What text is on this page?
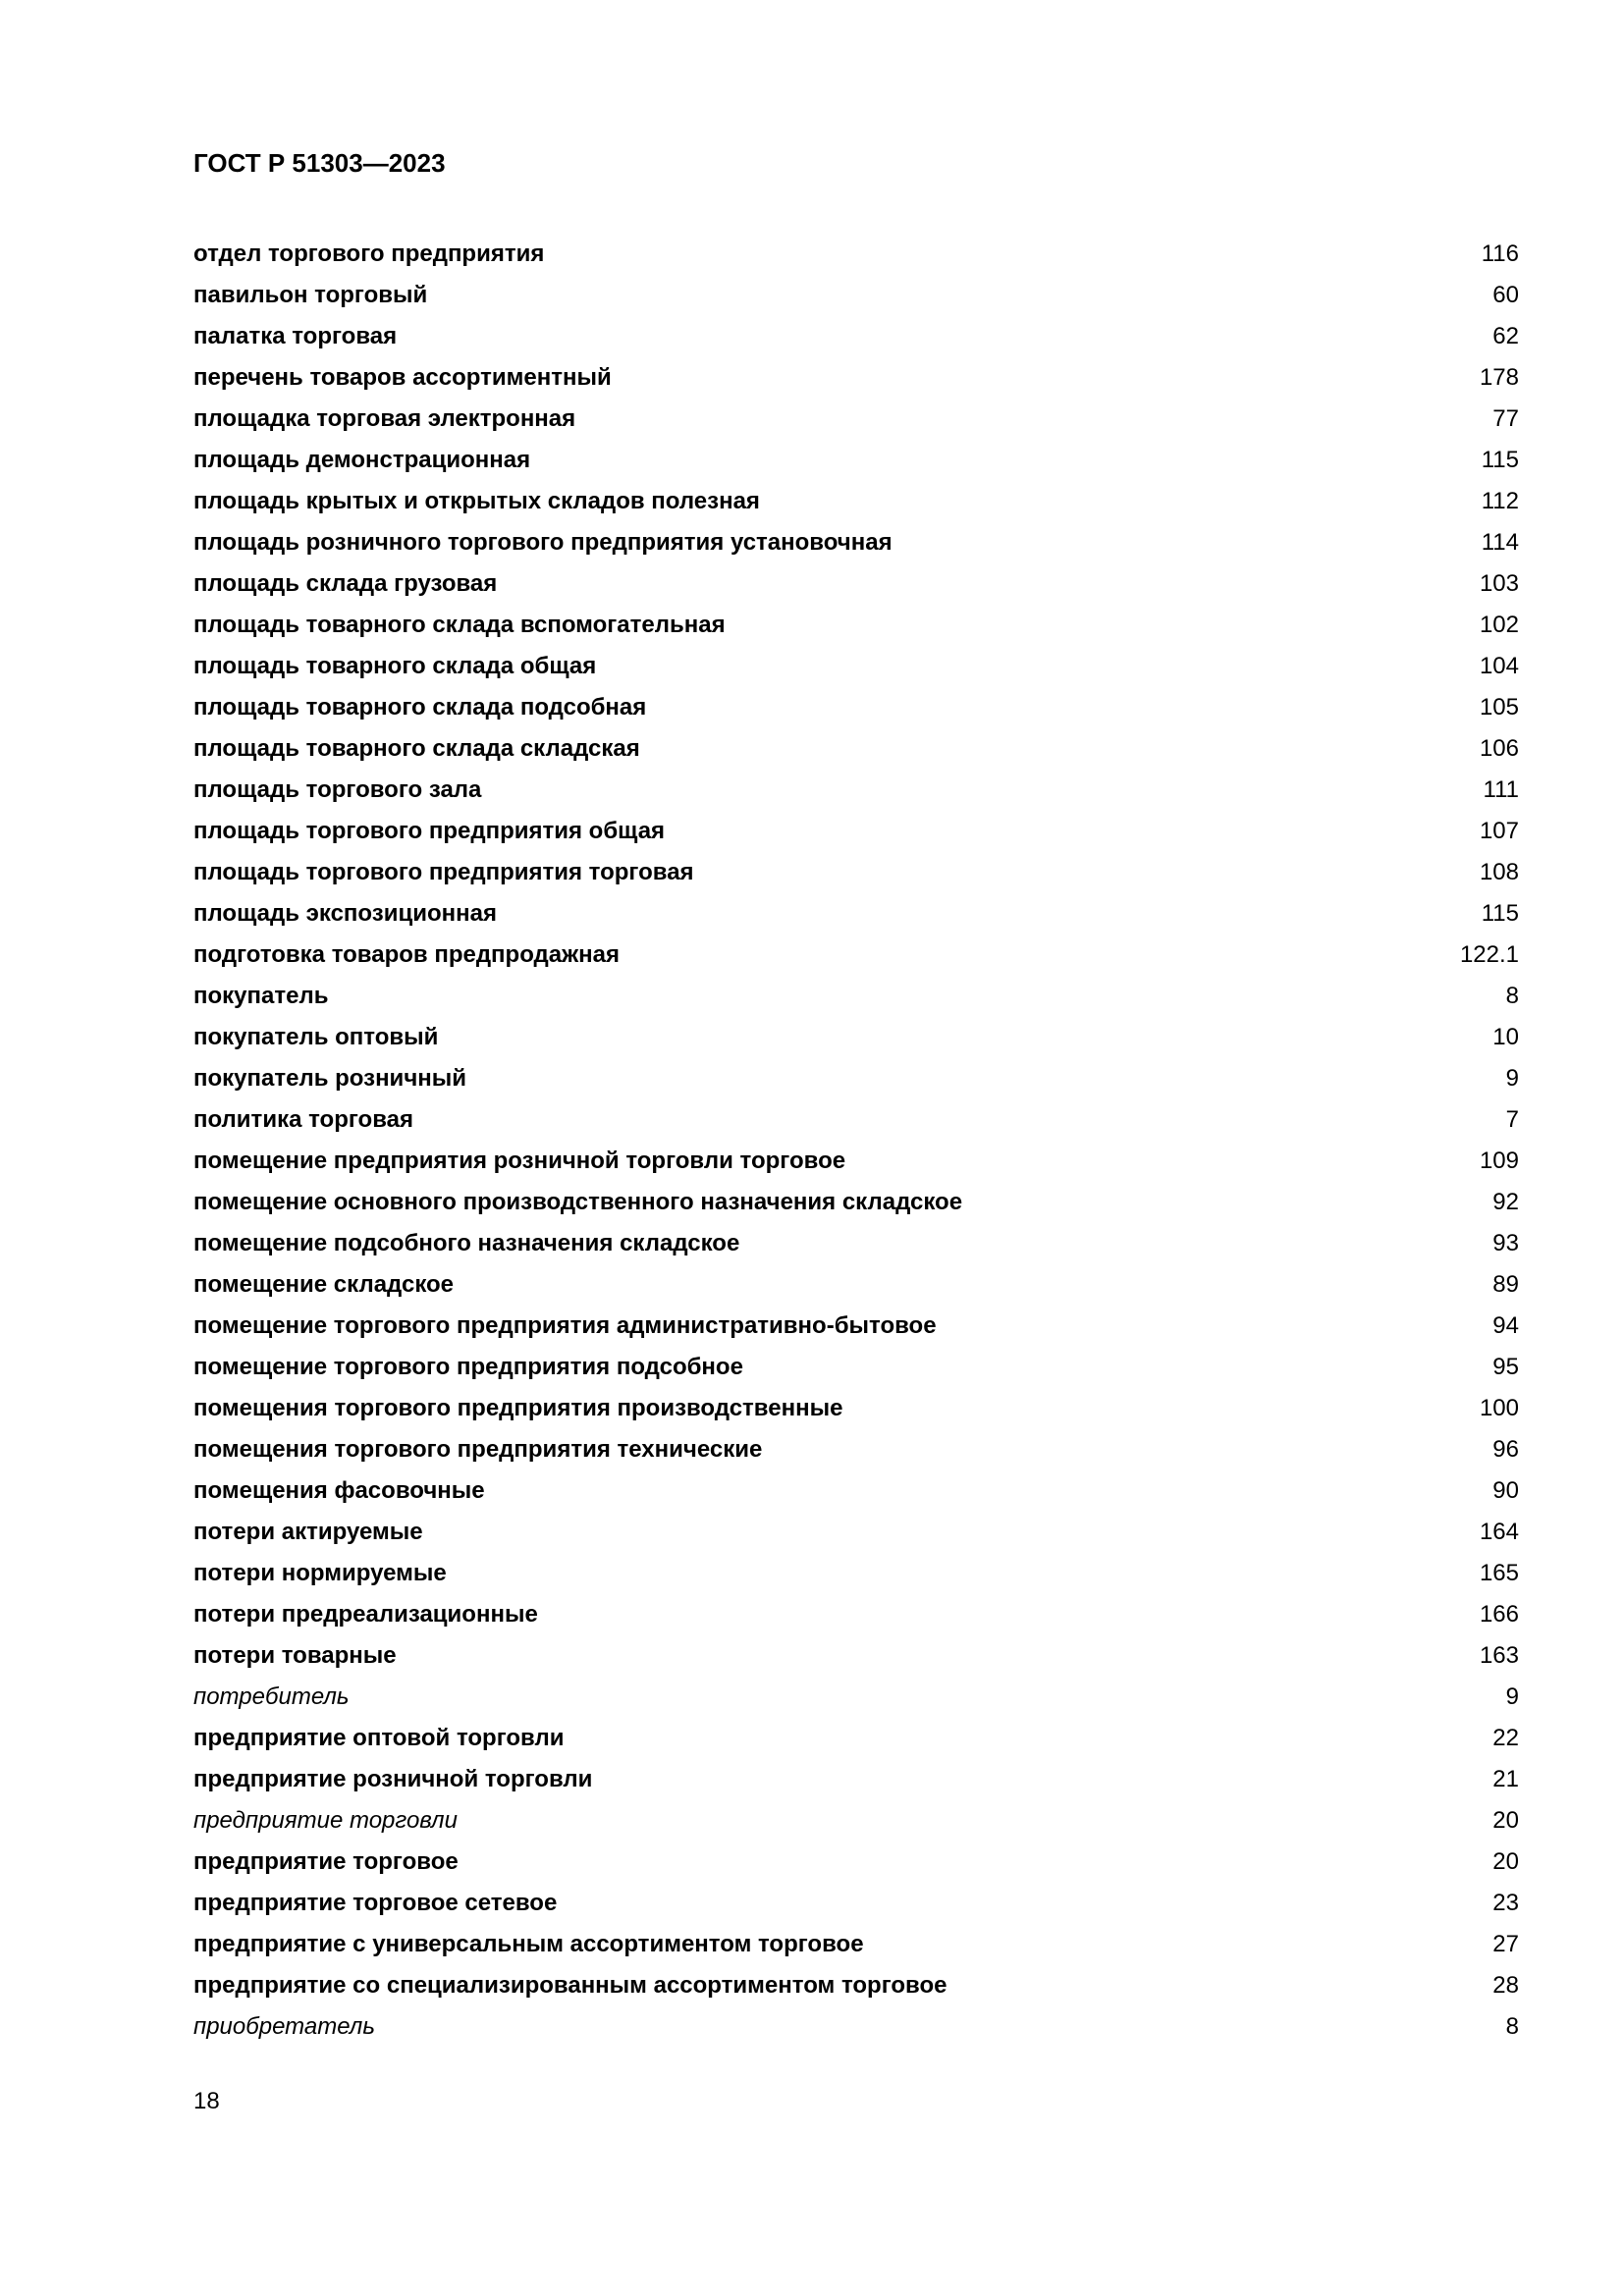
ГОСТ Р 51303—2023
отдел торгового предприятия	116
павильон торговый	60
палатка торговая	62
перечень товаров ассортиментный	178
площадка торговая электронная	77
площадь демонстрационная	115
площадь крытых и открытых складов полезная	112
площадь розничного торгового предприятия установочная	114
площадь склада грузовая	103
площадь товарного склада вспомогательная	102
площадь товарного склада общая	104
площадь товарного склада подсобная	105
площадь товарного склада складская	106
площадь торгового зала	111
площадь торгового предприятия общая	107
площадь торгового предприятия торговая	108
площадь экспозиционная	115
подготовка товаров предпродажная	122.1
покупатель	8
покупатель оптовый	10
покупатель розничный	9
политика торговая	7
помещение предприятия розничной торговли торговое	109
помещение основного производственного назначения складское	92
помещение подсобного назначения складское	93
помещение складское	89
помещение торгового предприятия административно-бытовое	94
помещение торгового предприятия подсобное	95
помещения торгового предприятия производственные	100
помещения торгового предприятия технические	96
помещения фасовочные	90
потери актируемые	164
потери нормируемые	165
потери предреализационные	166
потери товарные	163
потребитель	9
предприятие оптовой торговли	22
предприятие розничной торговли	21
предприятие торговли	20
предприятие торговое	20
предприятие торговое сетевое	23
предприятие с универсальным ассортиментом торговое	27
предприятие со специализированным ассортиментом торговое	28
приобретатель	8
18
